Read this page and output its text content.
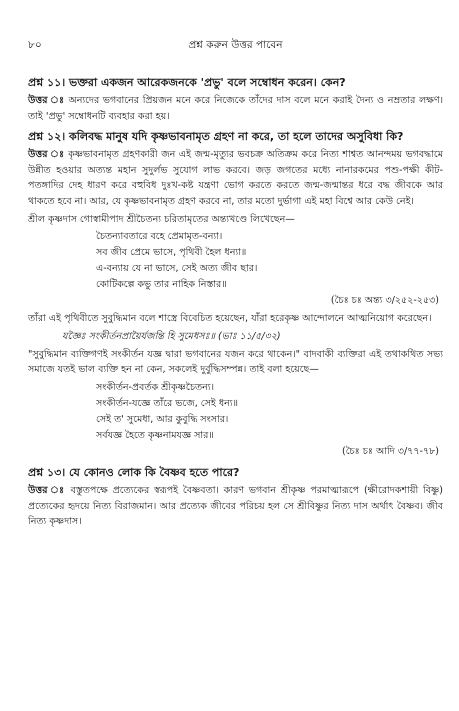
৮০	প্রশ্ন করুন উত্তর পাবেন
প্রশ্ন ১১। ভক্তরা একজন আরেকজনকে 'প্রভু' বলে সম্বোধন করেন। কেন?
উত্তর ঃ অন্যদের ভগবানের প্রিয়জন মনে করে নিজেকে তাঁদের দাস বলে মনে করাই দৈন্য ও নম্রতার লক্ষণ। তাই 'প্রভু' সম্বোধনটি ব্যবহার করা হয়।
প্রশ্ন ১২। কলিবদ্ধ মানুষ যদি কৃষ্ণভাবনামৃত গ্রহণ না করে, তা হলে তাদের অসুবিধা কি?
উত্তর ঃ কৃষ্ণভাবনামৃত গ্রহণকারী জন এই জন্ম-মৃত্যুর ভবচক্র অতিক্রম করে নিত্য শাশ্বত আনন্দময় ভগবদ্ধামে উন্নীত হওয়ার অত্যন্ত মহান সুদুর্লভ সুযোগ লাভ করবে। জড় জগতের মধ্যে নানারকমের পশু-পক্ষী কীট-পতঙ্গাদির দেহ ধারণ করে বহুবিধ দুঃখ-কষ্ট যন্ত্রণা ভোগ করতে করতে জন্ম-জন্মান্তর ধরে বদ্ধ জীবকে আর থাকতে হবে না। আর, যে কৃষ্ণভাবনামৃত গ্রহণ করবে না, তার মতো দুর্ভাগা এই মহা বিশ্বে আর কেউ নেই।
শ্রীল কৃষ্ণদাস গোস্বামীপাদ শ্রীচৈতন্য চরিতামৃতের অন্ত্যখণ্ডে লিখেছেন—
চৈতন্যাবতারে বহে প্রেমামৃত-বন্যা।
সব জীব প্রেমে ভাসে, পৃথিবী হৈল ধন্যা॥
এ-বন্যায় যে না ভাসে, সেই অত্য জীব ছার।
কোটিকল্পে কভু তার নাহিক নিস্তার॥
(চৈঃ চঃ অন্ত্য ৩/২৫২-২৫৩)
তাঁরা এই পৃথিবীতে সুবুদ্ধিমান বলে শাস্ত্রে বিবেচিত হয়েছেন, যাঁরা হরেকৃষ্ণ আন্দোলনে আত্মনিয়োগ করেছেন।
যজ্ঞৈঃ সংকীর্তনপ্রায়ৈর্যজন্তি হি সুমেধসঃ॥ (ভাঃ ১১/৫/৩২)
"সুবুদ্ধিমান ব্যক্তিগণই সংকীর্তন যজ্ঞ দ্বারা ভগবানের যজন করে থাকেন।" বাদবাকী ব্যক্তিরা এই তথাকথিত সভ্য সমাজে যতই ভাল ব্যক্তি হন না কেন, সকলেই দুর্বুদ্ধিসম্পন্ন। তাই বলা হয়েছে—
সংকীর্তন-প্রবর্তক শ্রীকৃষ্ণচৈতন্য।
সংকীর্তন-যজ্ঞে তাঁরে ভজে, সেই ধন্য॥
সেই ত' সুমেধা, আর কুবুদ্ধি সংসার।
সর্বযজ্ঞ হৈতে কৃষ্ণনামযজ্ঞ সার॥
(চৈঃ চঃ আদি ৩/৭৭-৭৮)
প্রশ্ন ১৩। যে কোনও লোক কি বৈষ্ণব হতে পারে?
উত্তর ঃ বস্তুতপক্ষে প্রত্যেকের স্বরূপই বৈষ্ণবতা। কারণ ভগবান শ্রীকৃষ্ণ পরমাত্মারূপে (ক্ষীরোদকশায়ী বিষ্ণু) প্রত্যেকের হৃদয়ে নিত্য বিরাজমান। আর প্রত্যেক জীবের পরিচয় হল সে শ্রীবিষ্ণুর নিত্য দাস অর্থাৎ বৈষ্ণব। জীব নিত্য কৃষ্ণদাস।
